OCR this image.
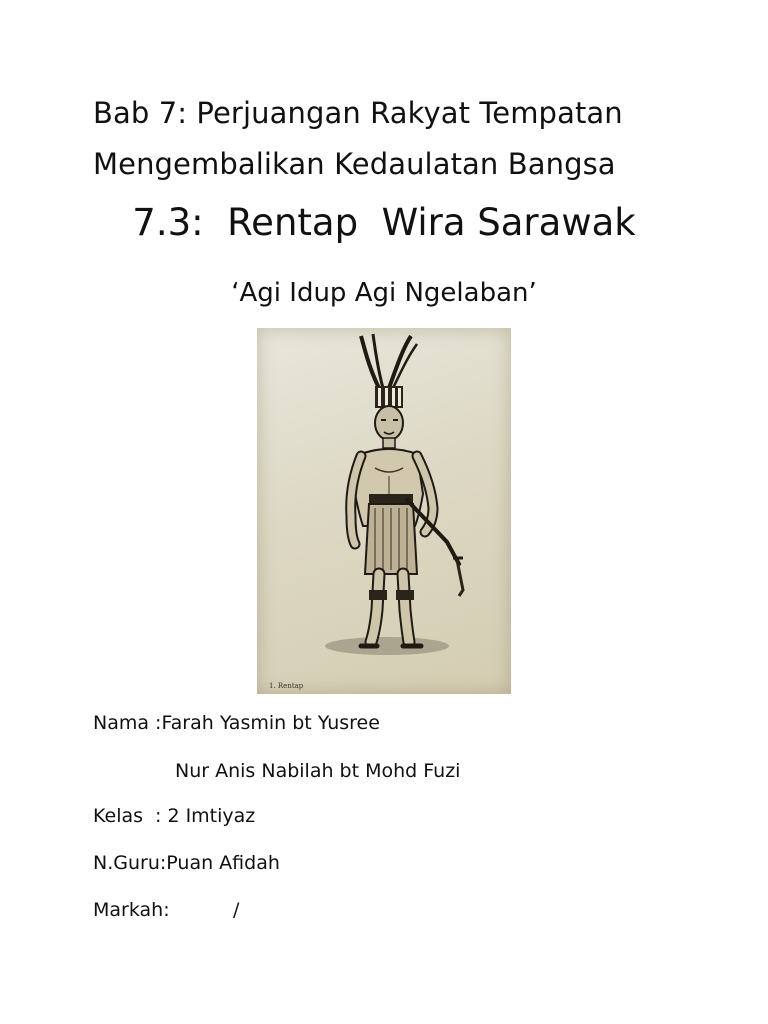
Bab 7: Perjuangan Rakyat Tempatan
Mengembalikan Kedaulatan Bangsa
7.3:  Rentap  Wira Sarawak
‘Agi Idup Agi Ngelaban’
1. Rentap
Nama :Farah Yasmin bt Yusree
Nur Anis Nabilah bt Mohd Fuzi
Kelas : 2 Imtiyaz
N.Guru:Puan Afidah
Markah:	/
